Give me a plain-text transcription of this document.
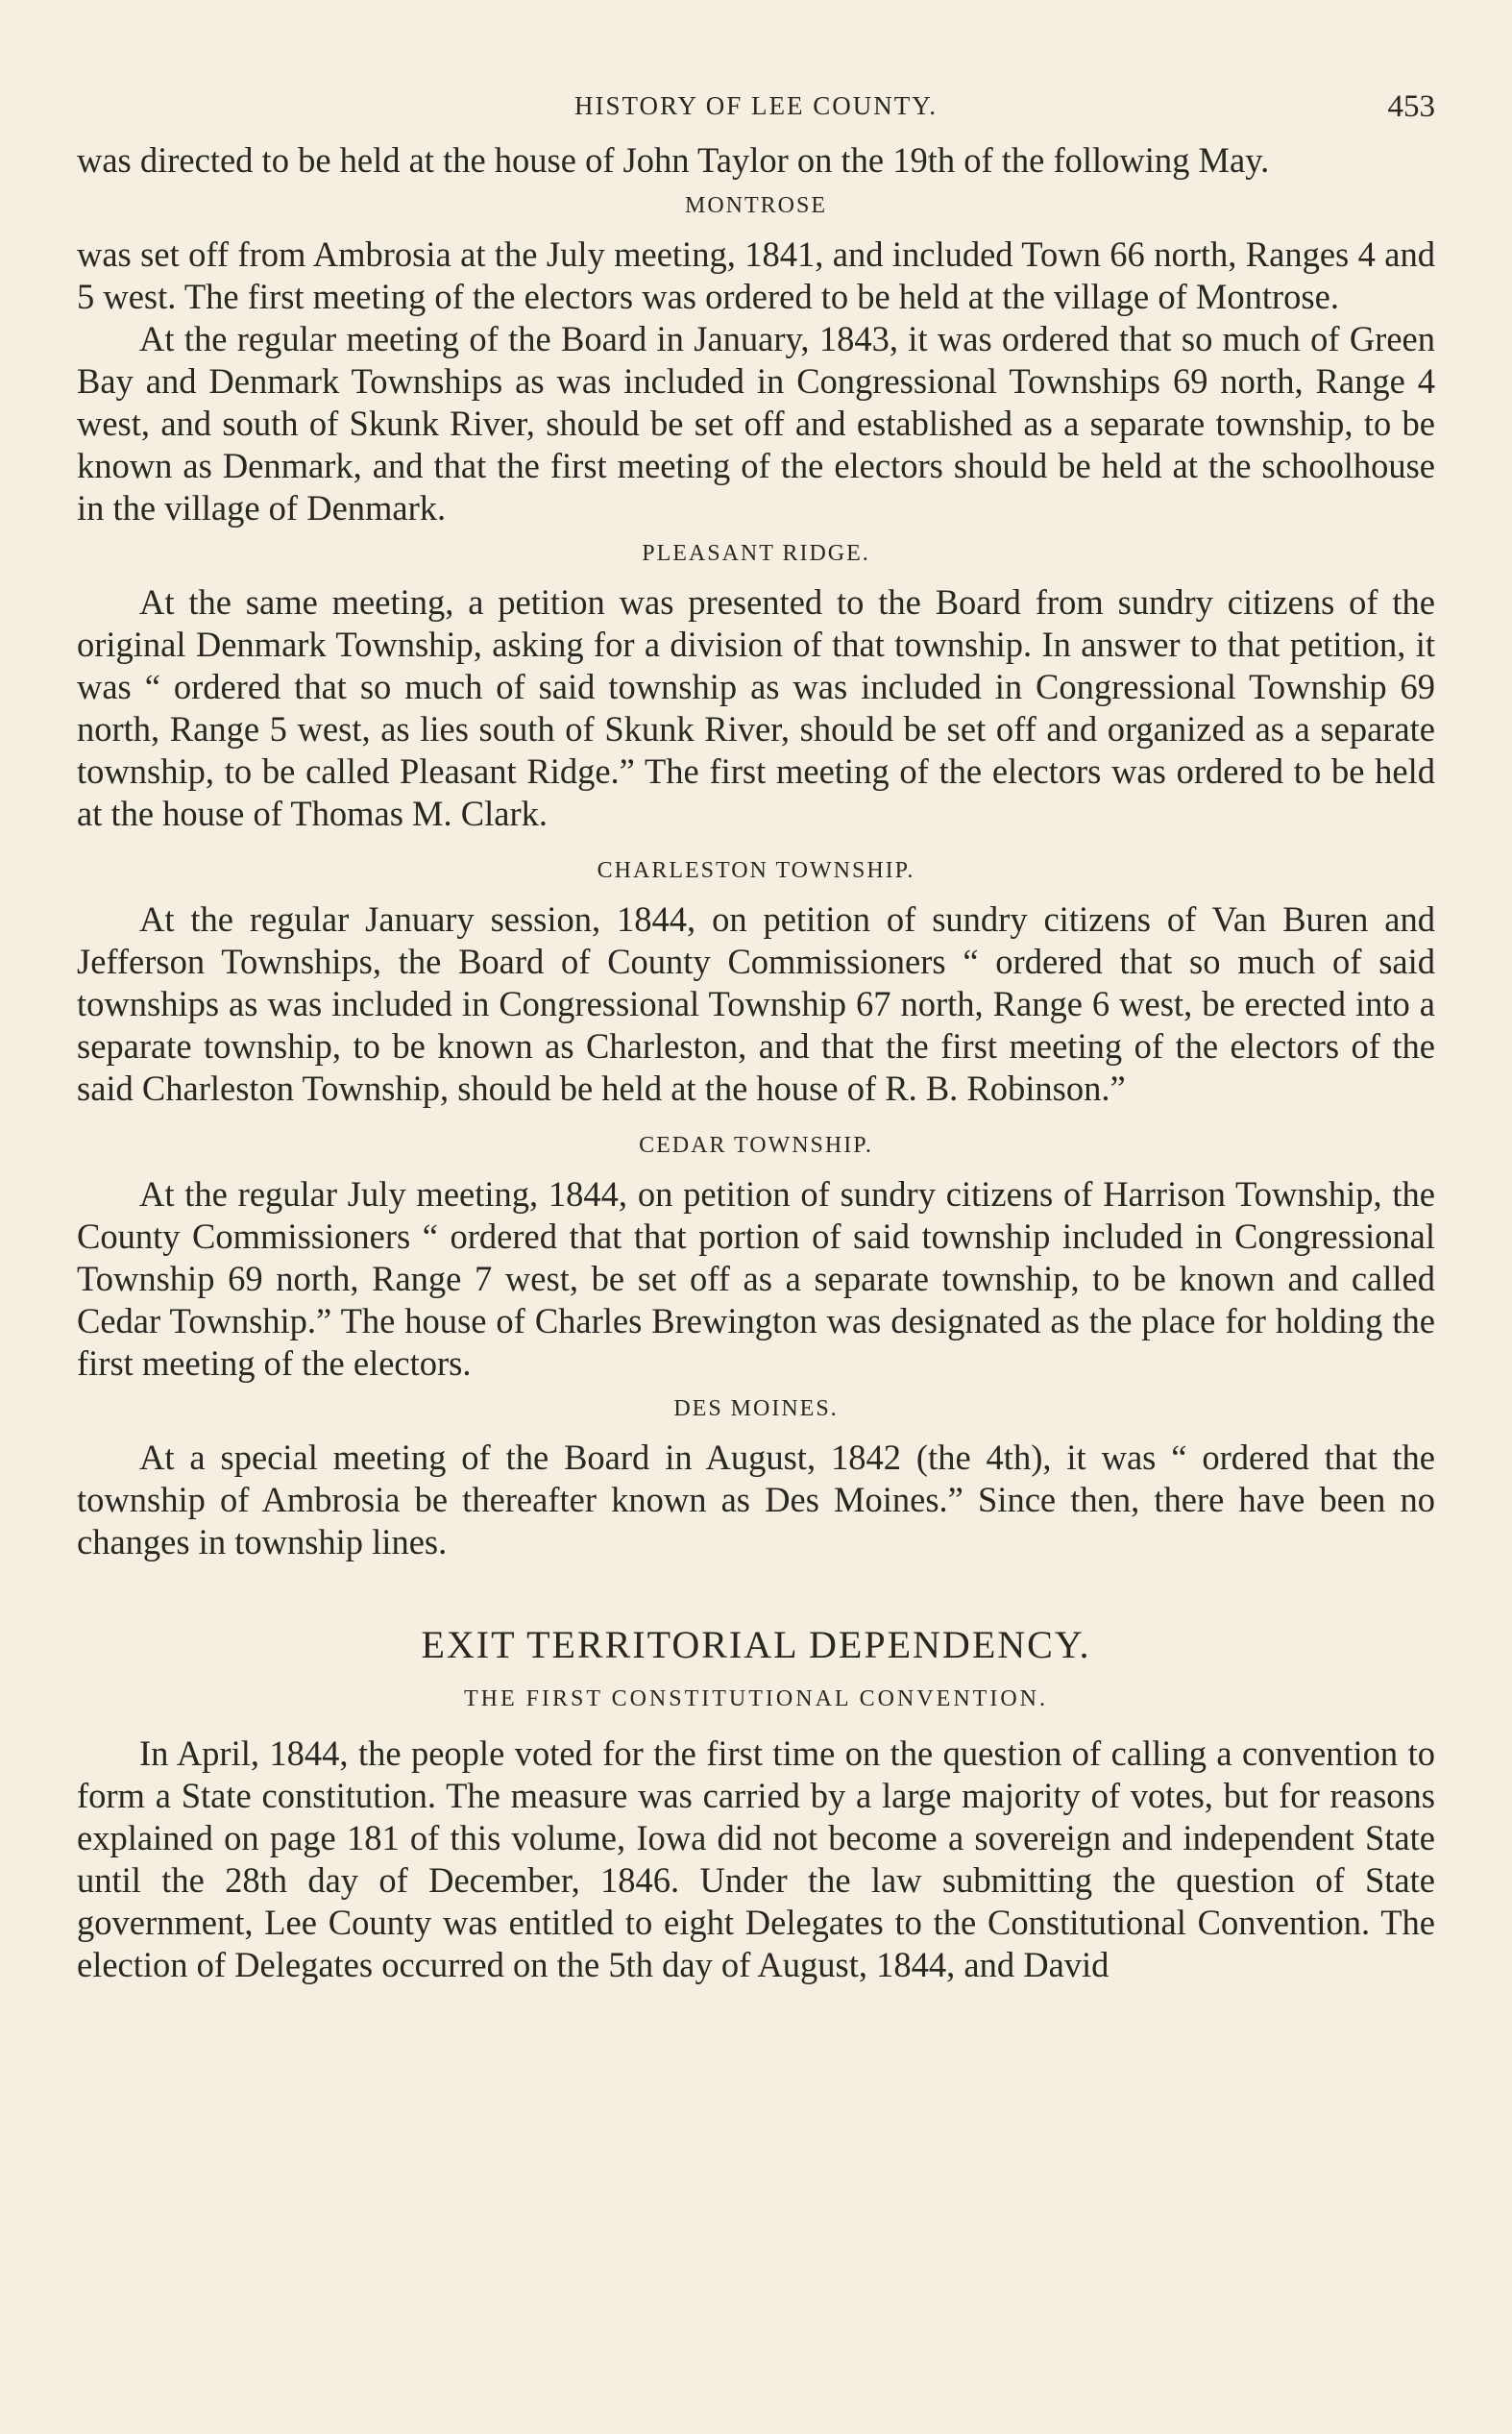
HISTORY OF LEE COUNTY.	453

was directed to be held at the house of John Taylor on the 19th of the following May.

MONTROSE

was set off from Ambrosia at the July meeting, 1841, and included Town 66 north, Ranges 4 and 5 west. The first meeting of the electors was ordered to be held at the village of Montrose.

At the regular meeting of the Board in January, 1843, it was ordered that so much of Green Bay and Denmark Townships as was included in Congressional Townships 69 north, Range 4 west, and south of Skunk River, should be set off and established as a separate township, to be known as Denmark, and that the first meeting of the electors should be held at the schoolhouse in the village of Denmark.

PLEASANT RIDGE.

At the same meeting, a petition was presented to the Board from sundry citizens of the original Denmark Township, asking for a division of that township. In answer to that petition, it was “ ordered that so much of said township as was included in Congressional Township 69 north, Range 5 west, as lies south of Skunk River, should be set off and organized as a separate township, to be called Pleasant Ridge.” The first meeting of the electors was ordered to be held at the house of Thomas M. Clark.

CHARLESTON TOWNSHIP.

At the regular January session, 1844, on petition of sundry citizens of Van Buren and Jefferson Townships, the Board of County Commissioners “ ordered that so much of said townships as was included in Congressional Township 67 north, Range 6 west, be erected into a separate township, to be known as Charleston, and that the first meeting of the electors of the said Charleston Township, should be held at the house of R. B. Robinson.”

CEDAR TOWNSHIP.

At the regular July meeting, 1844, on petition of sundry citizens of Harrison Township, the County Commissioners “ ordered that that portion of said township included in Congressional Township 69 north, Range 7 west, be set off as a separate township, to be known and called Cedar Township.” The house of Charles Brewington was designated as the place for holding the first meeting of the electors.

DES MOINES.

At a special meeting of the Board in August, 1842 (the 4th), it was “ ordered that the township of Ambrosia be thereafter known as Des Moines.” Since then, there have been no changes in township lines.

EXIT TERRITORIAL DEPENDENCY.
THE FIRST CONSTITUTIONAL CONVENTION.

In April, 1844, the people voted for the first time on the question of calling a convention to form a State constitution. The measure was carried by a large majority of votes, but for reasons explained on page 181 of this volume, Iowa did not become a sovereign and independent State until the 28th day of December, 1846. Under the law submitting the question of State government, Lee County was entitled to eight Delegates to the Constitutional Convention. The election of Delegates occurred on the 5th day of August, 1844, and David
